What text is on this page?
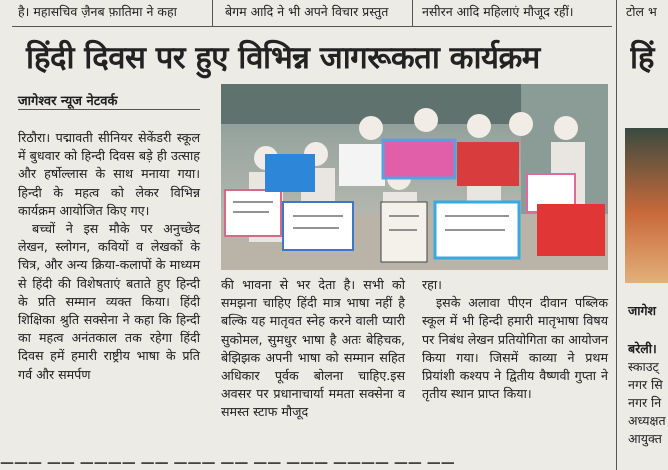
है। महासचिव ज़ैनब फ़ातिमा ने कहा	बेगम आदि ने भी अपने विचार प्रस्तुत	नसीरन आदि महिलाएं मौजूद रहीं।	टोल भ
हिंदी दिवस पर हुए विभिन्न जागरूकता कार्यक्रम	हिं
जागेश्वर न्यूज नेटवर्क

रिठौरा। पद्मावती सीनियर सेकेंडरी स्कूल में बुधवार को हिन्दी दिवस बड़े ही उत्साह और हर्षोल्लास के साथ मनाया गया। हिन्दी के महत्व को लेकर विभिन्न कार्यक्रम आयोजित किए गए।

बच्चों ने इस मौके पर अनुच्छेद लेखन, स्लोगन, कवियों व लेखकों के चित्र, और अन्य क्रिया-कलापों के माध्यम से हिंदी की विशेषताएं बताते हुए हिन्दी के प्रति सम्मान व्यक्त किया। हिंदी शिक्षिका श्रुति सक्सेना ने कहा कि हिन्दी का महत्व अनंतकाल तक रहेगा हिंदी दिवस हमें हमारी राष्ट्रीय भाषा के प्रति गर्व और समर्पण

की भावना से भर देता है। सभी को समझना चाहिए हिंदी मात्र भाषा नहीं है बल्कि यह मातृवत स्नेह करने वाली प्यारी सुकोमल, सुमधुर भाषा है अतः बेहिचक, बेझिझक अपनी भाषा को सम्मान सहित अधिकार पूर्वक बोलना चाहिए.इस अवसर पर प्रधानाचार्या ममता सक्सेना व समस्त स्टाफ मौजूद

रहा।

इसके अलावा पीएन दीवान पब्लिक स्कूल में भी हिन्दी हमारी मातृभाषा विषय पर निबंध लेखन प्रतियोगिता का आयोजन किया गया। जिसमें काव्या ने प्रथम प्रियांशी कश्यप ने द्वितीय वैष्णवी गुप्ता ने तृतीय स्थान प्राप्त किया।

जागेश
बरेली।
स्काउट्
नगर सि
नगर नि
अध्यक्षत
आयुक्त
——— —— ———— —— ——— —— —— ——— ———— —— ——
